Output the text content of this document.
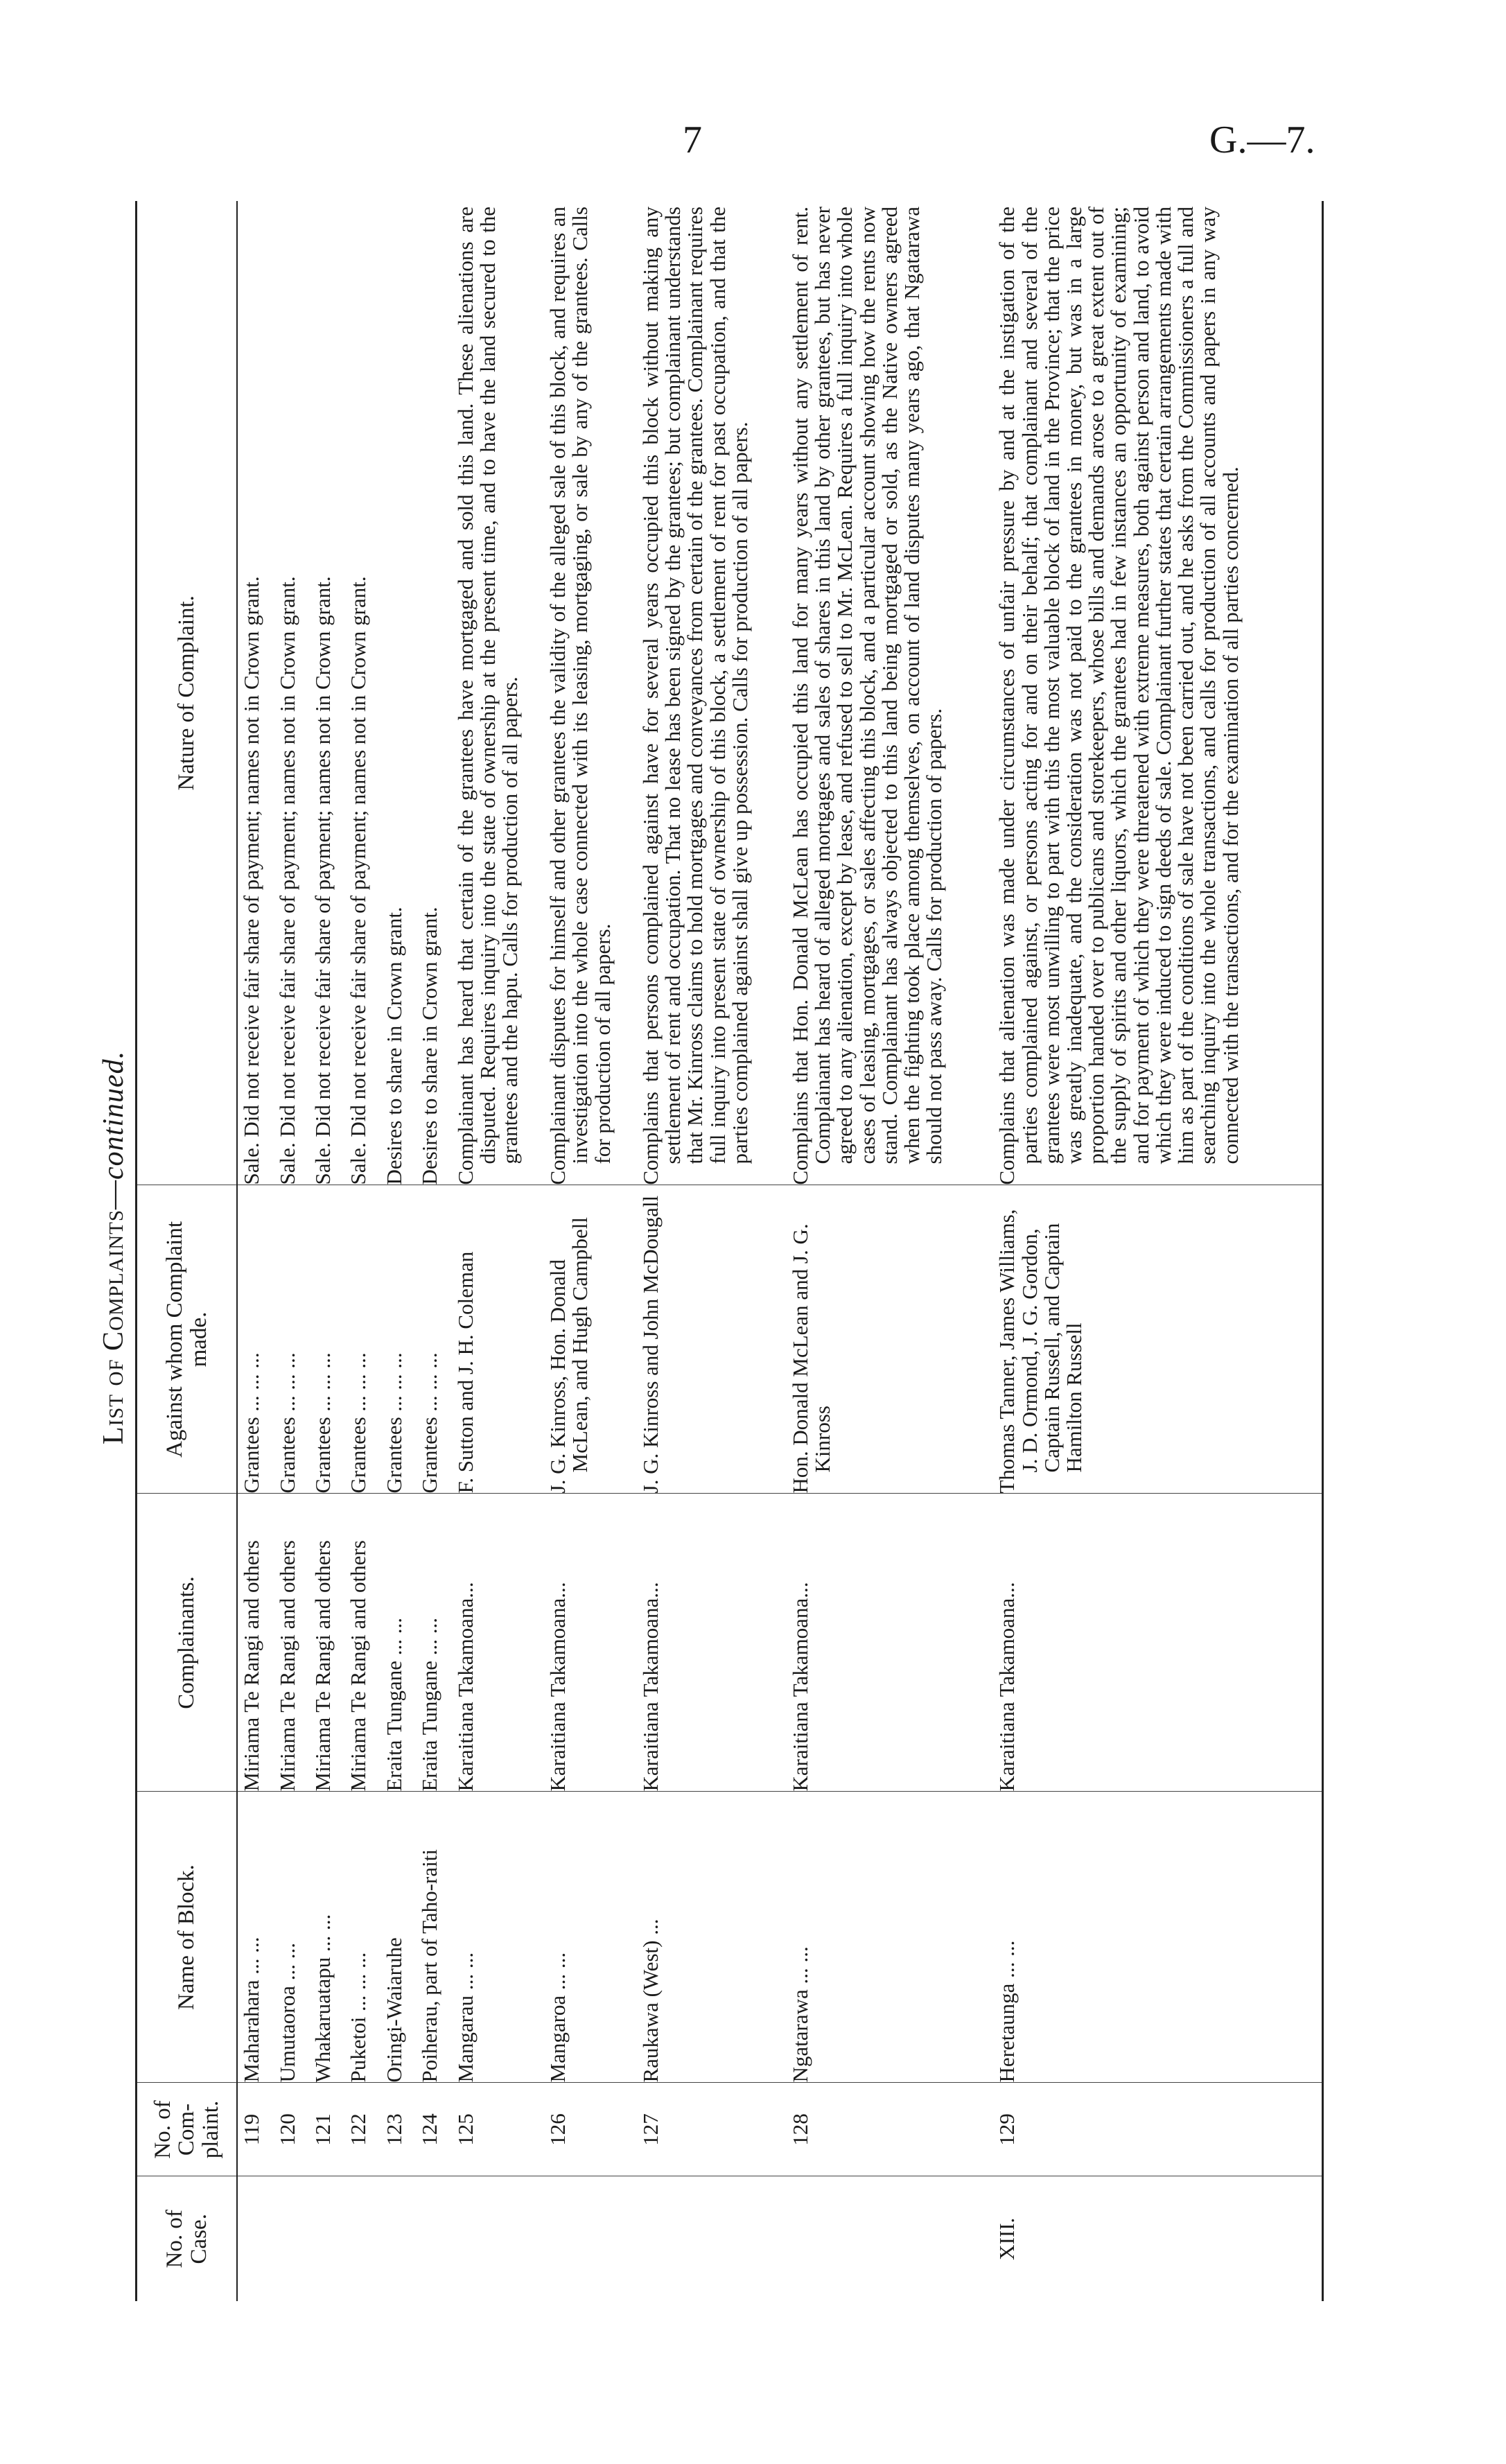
7	G.—7.
List of Complaints—continued.
No. of Case.	No. of Com-plaint.	Name of Block.	Complainants.	Against whom Complaint made.	Nature of Complaint.
	119	Maharahara ... ...	Miriama Te Rangi and others	Grantees ... ... ...	Sale. Did not receive fair share of payment; names not in Crown grant.
	120	Umutaoroa ... ...	Miriama Te Rangi and others	Grantees ... ... ...	Sale. Did not receive fair share of payment; names not in Crown grant.
	121	Whakaruatapu ... ...	Miriama Te Rangi and others	Grantees ... ... ...	Sale. Did not receive fair share of payment; names not in Crown grant.
	122	Puketoi ... ... ...	Miriama Te Rangi and others	Grantees ... ... ...	Sale. Did not receive fair share of payment; names not in Crown grant.
	123	Oringi-Waiaruhe	Eraita Tungane ... ...	Grantees ... ... ...	Desires to share in Crown grant.
	124	Poiherau, part of Taho-raiti	Eraita Tungane ... ...	Grantees ... ... ...	Desires to share in Crown grant.
	125	Mangarau ... ...	Karaitiana Takamoana...	F. Sutton and J. H. Coleman	Complainant has heard that certain of the grantees have mortgaged and sold this land. These alienations are disputed. Requires inquiry into the state of ownership at the present time, and to have the land secured to the grantees and the hapu. Calls for production of all papers.
	126	Mangaroa ... ...	Karaitiana Takamoana...	J. G. Kinross, Hon. Donald McLean, and Hugh Campbell	Complainant disputes for himself and other grantees the validity of the alleged sale of this block, and requires an investigation into the whole case connected with its leasing, mortgaging, or sale by any of the grantees. Calls for production of all papers.
	127	Raukawa (West) ...	Karaitiana Takamoana...	J. G. Kinross and John McDougall	Complains that persons complained against have for several years occupied this block without making any settlement of rent and occupation. That no lease has been signed by the grantees; but complainant understands that Mr. Kinross claims to hold mortgages and conveyances from certain of the grantees. Complainant requires full inquiry into present state of ownership of this block, a settlement of rent for past occupation, and that the parties complained against shall give up possession. Calls for production of all papers.
	128	Ngatarawa ... ...	Karaitiana Takamoana...	Hon. Donald McLean and J. G. Kinross	Complains that Hon. Donald McLean has occupied this land for many years without any settlement of rent. Complainant has heard of alleged mortgages and sales of shares in this land by other grantees, but has never agreed to any alienation, except by lease, and refused to sell to Mr. McLean. Requires a full inquiry into whole cases of leasing, mortgages, or sales affecting this block, and a particular account showing how the rents now stand. Complainant has always objected to this land being mortgaged or sold, as the Native owners agreed when the fighting took place among themselves, on account of land disputes many years ago, that Ngatarawa should not pass away. Calls for production of papers.
XIII.	129	Heretaunga ... ...	Karaitiana Takamoana...	Thomas Tanner, James Williams, J. D. Ormond, J. G. Gordon, Captain Russell, and Captain Hamilton Russell	Complains that alienation was made under circumstances of unfair pressure by and at the instigation of the parties complained against, or persons acting for and on their behalf; that complainant and several of the grantees were most unwilling to part with this the most valuable block of land in the Province; that the price was greatly inadequate, and the consideration was not paid to the grantees in money, but was in a large proportion handed over to publicans and storekeepers, whose bills and demands arose to a great extent out of the supply of spirits and other liquors, which the grantees had in few instances an opportunity of examining; and for payment of which they were threatened with extreme measures, both against person and land, to avoid which they were induced to sign deeds of sale. Complainant further states that certain arrangements made with him as part of the conditions of sale have not been carried out, and he asks from the Commissioners a full and searching inquiry into the whole transactions, and calls for production of all accounts and papers in any way connected with the transactions, and for the examination of all parties concerned.
